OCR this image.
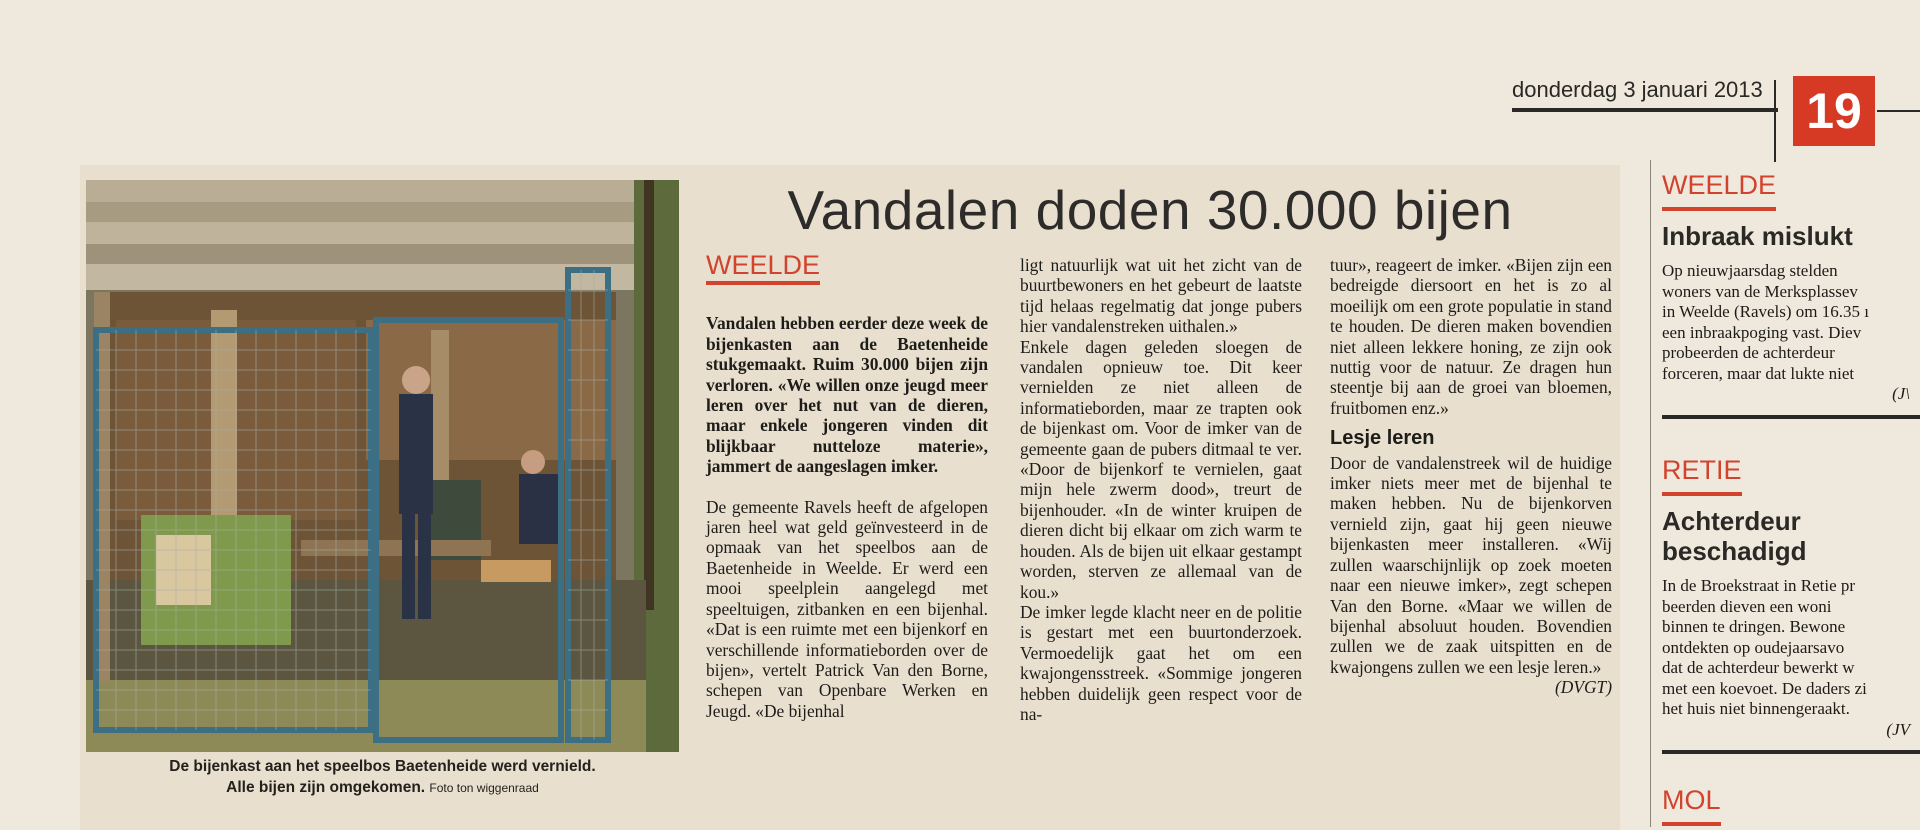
donderdag 3 januari 2013 19
De bijenkast aan het speelbos Baetenheide werd vernield.
Alle bijen zijn omgekomen. Foto ton wiggenraad
Vandalen doden 30.000 bijen
WEELDE

Vandalen hebben eerder deze week de bijenkasten aan de Baetenheide stukgemaakt. Ruim 30.000 bijen zijn verloren. «We willen onze jeugd meer leren over het nut van de dieren, maar enkele jongeren vinden dit blijkbaar nutteloze materie», jammert de aangeslagen imker.

De gemeente Ravels heeft de afgelopen jaren heel wat geld geïnvesteerd in de opmaak van het speelbos aan de Baetenheide in Weelde. Er werd een mooi speelplein aangelegd met speeltuigen, zitbanken en een bijenhal. «Dat is een ruimte met een bijenkorf en verschillende informatieborden over de bijen», vertelt Patrick Van den Borne, schepen van Openbare Werken en Jeugd. «De bijenhal

ligt natuurlijk wat uit het zicht van de buurtbewoners en het gebeurt de laatste tijd helaas regelmatig dat jonge pubers hier vandalenstreken uithalen.»

Enkele dagen geleden sloegen de vandalen opnieuw toe. Dit keer vernielden ze niet alleen de informatieborden, maar ze trapten ook de bijenkast om. Voor de imker van de gemeente gaan de pubers ditmaal te ver. «Door de bijenkorf te vernielen, gaat mijn hele zwerm dood», treurt de bijenhouder. «In de winter kruipen de dieren dicht bij elkaar om zich warm te houden. Als de bijen uit elkaar gestampt worden, sterven ze allemaal van de kou.»

De imker legde klacht neer en de politie is gestart met een buurtonderzoek. Vermoedelijk gaat het om een kwajongensstreek. «Sommige jongeren hebben duidelijk geen respect voor de na-

tuur», reageert de imker. «Bijen zijn een bedreigde diersoort en het is zo al moeilijk om een grote populatie in stand te houden. De dieren maken bovendien niet alleen lekkere honing, ze zijn ook nuttig voor de natuur. Ze dragen hun steentje bij aan de groei van bloemen, fruitbomen enz.»

Lesje leren

Door de vandalenstreek wil de huidige imker niets meer met de bijenhal te maken hebben. Nu de bijenkorven vernield zijn, gaat hij geen nieuwe bijenkasten meer installeren. «Wij zullen waarschijnlijk op zoek moeten naar een nieuwe imker», zegt schepen Van den Borne. «Maar we willen de bijenhal absoluut houden. Bovendien zullen we de zaak uitspitten en de kwajongens zullen we een lesje leren.»

(DVGT)

WEELDE
Inbraak mislukt

Op nieuwjaarsdag stelden

woners van de Merksplassev

in Weelde (Ravels) om 16.35 ı

een inbraakpoging vast. Diev

probeerden de achterdeur

forceren, maar dat lukte niet

(J\

RETIE
Achterdeur
beschadigd

In de Broekstraat in Retie pr

beerden dieven een woni

binnen te dringen. Bewone

ontdekten op oudejaarsavo

dat de achterdeur bewerkt w

met een koevoet. De daders zi

het huis niet binnengeraakt.

(JV

MOL
